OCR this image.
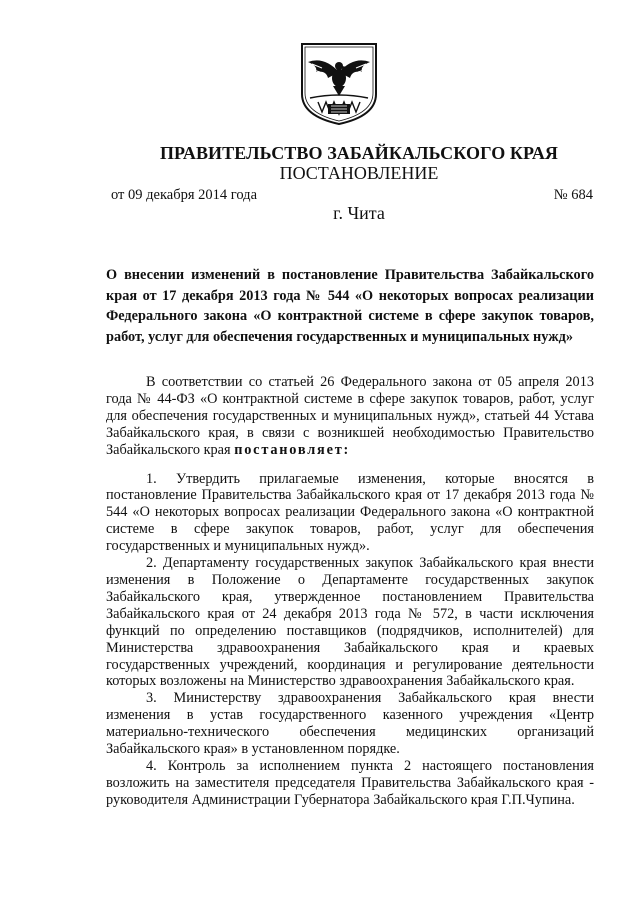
ПРАВИТЕЛЬСТВО ЗАБАЙКАЛЬСКОГО КРАЯ
ПОСТАНОВЛЕНИЕ
от 09 декабря 2014 года	№ 684
г. Чита
О внесении изменений в постановление Правительства Забайкальского края от 17 декабря 2013 года № 544 «О некоторых вопросах реализации Федерального закона «О контрактной системе в сфере закупок товаров, работ, услуг для обеспечения государственных и муниципальных нужд»

В соответствии со статьей 26 Федерального закона от 05 апреля 2013 года № 44-ФЗ «О контрактной системе в сфере закупок товаров, работ, услуг для обеспечения государственных и муниципальных нужд», статьей 44 Устава Забайкальского края, в связи с возникшей необходимостью Правительство Забайкальского края постановляет:

1. Утвердить прилагаемые изменения, которые вносятся в постановление Правительства Забайкальского края от 17 декабря 2013 года № 544 «О некоторых вопросах реализации Федерального закона «О контрактной системе в сфере закупок товаров, работ, услуг для обеспечения государственных и муниципальных нужд».

2. Департаменту государственных закупок Забайкальского края внести изменения в Положение о Департаменте государственных закупок Забайкальского края, утвержденное постановлением Правительства Забайкальского края от 24 декабря 2013 года № 572, в части исключения функций по определению поставщиков (подрядчиков, исполнителей) для Министерства здравоохранения Забайкальского края и краевых государственных учреждений, координация и регулирование деятельности которых возложены на Министерство здравоохранения Забайкальского края.

3. Министерству здравоохранения Забайкальского края внести изменения в устав государственного казенного учреждения «Центр материально-технического обеспечения медицинских организаций Забайкальского края» в установленном порядке.

4. Контроль за исполнением пункта 2 настоящего постановления возложить на заместителя председателя Правительства Забайкальского края - руководителя Администрации Губернатора Забайкальского края Г.П.Чупина.
